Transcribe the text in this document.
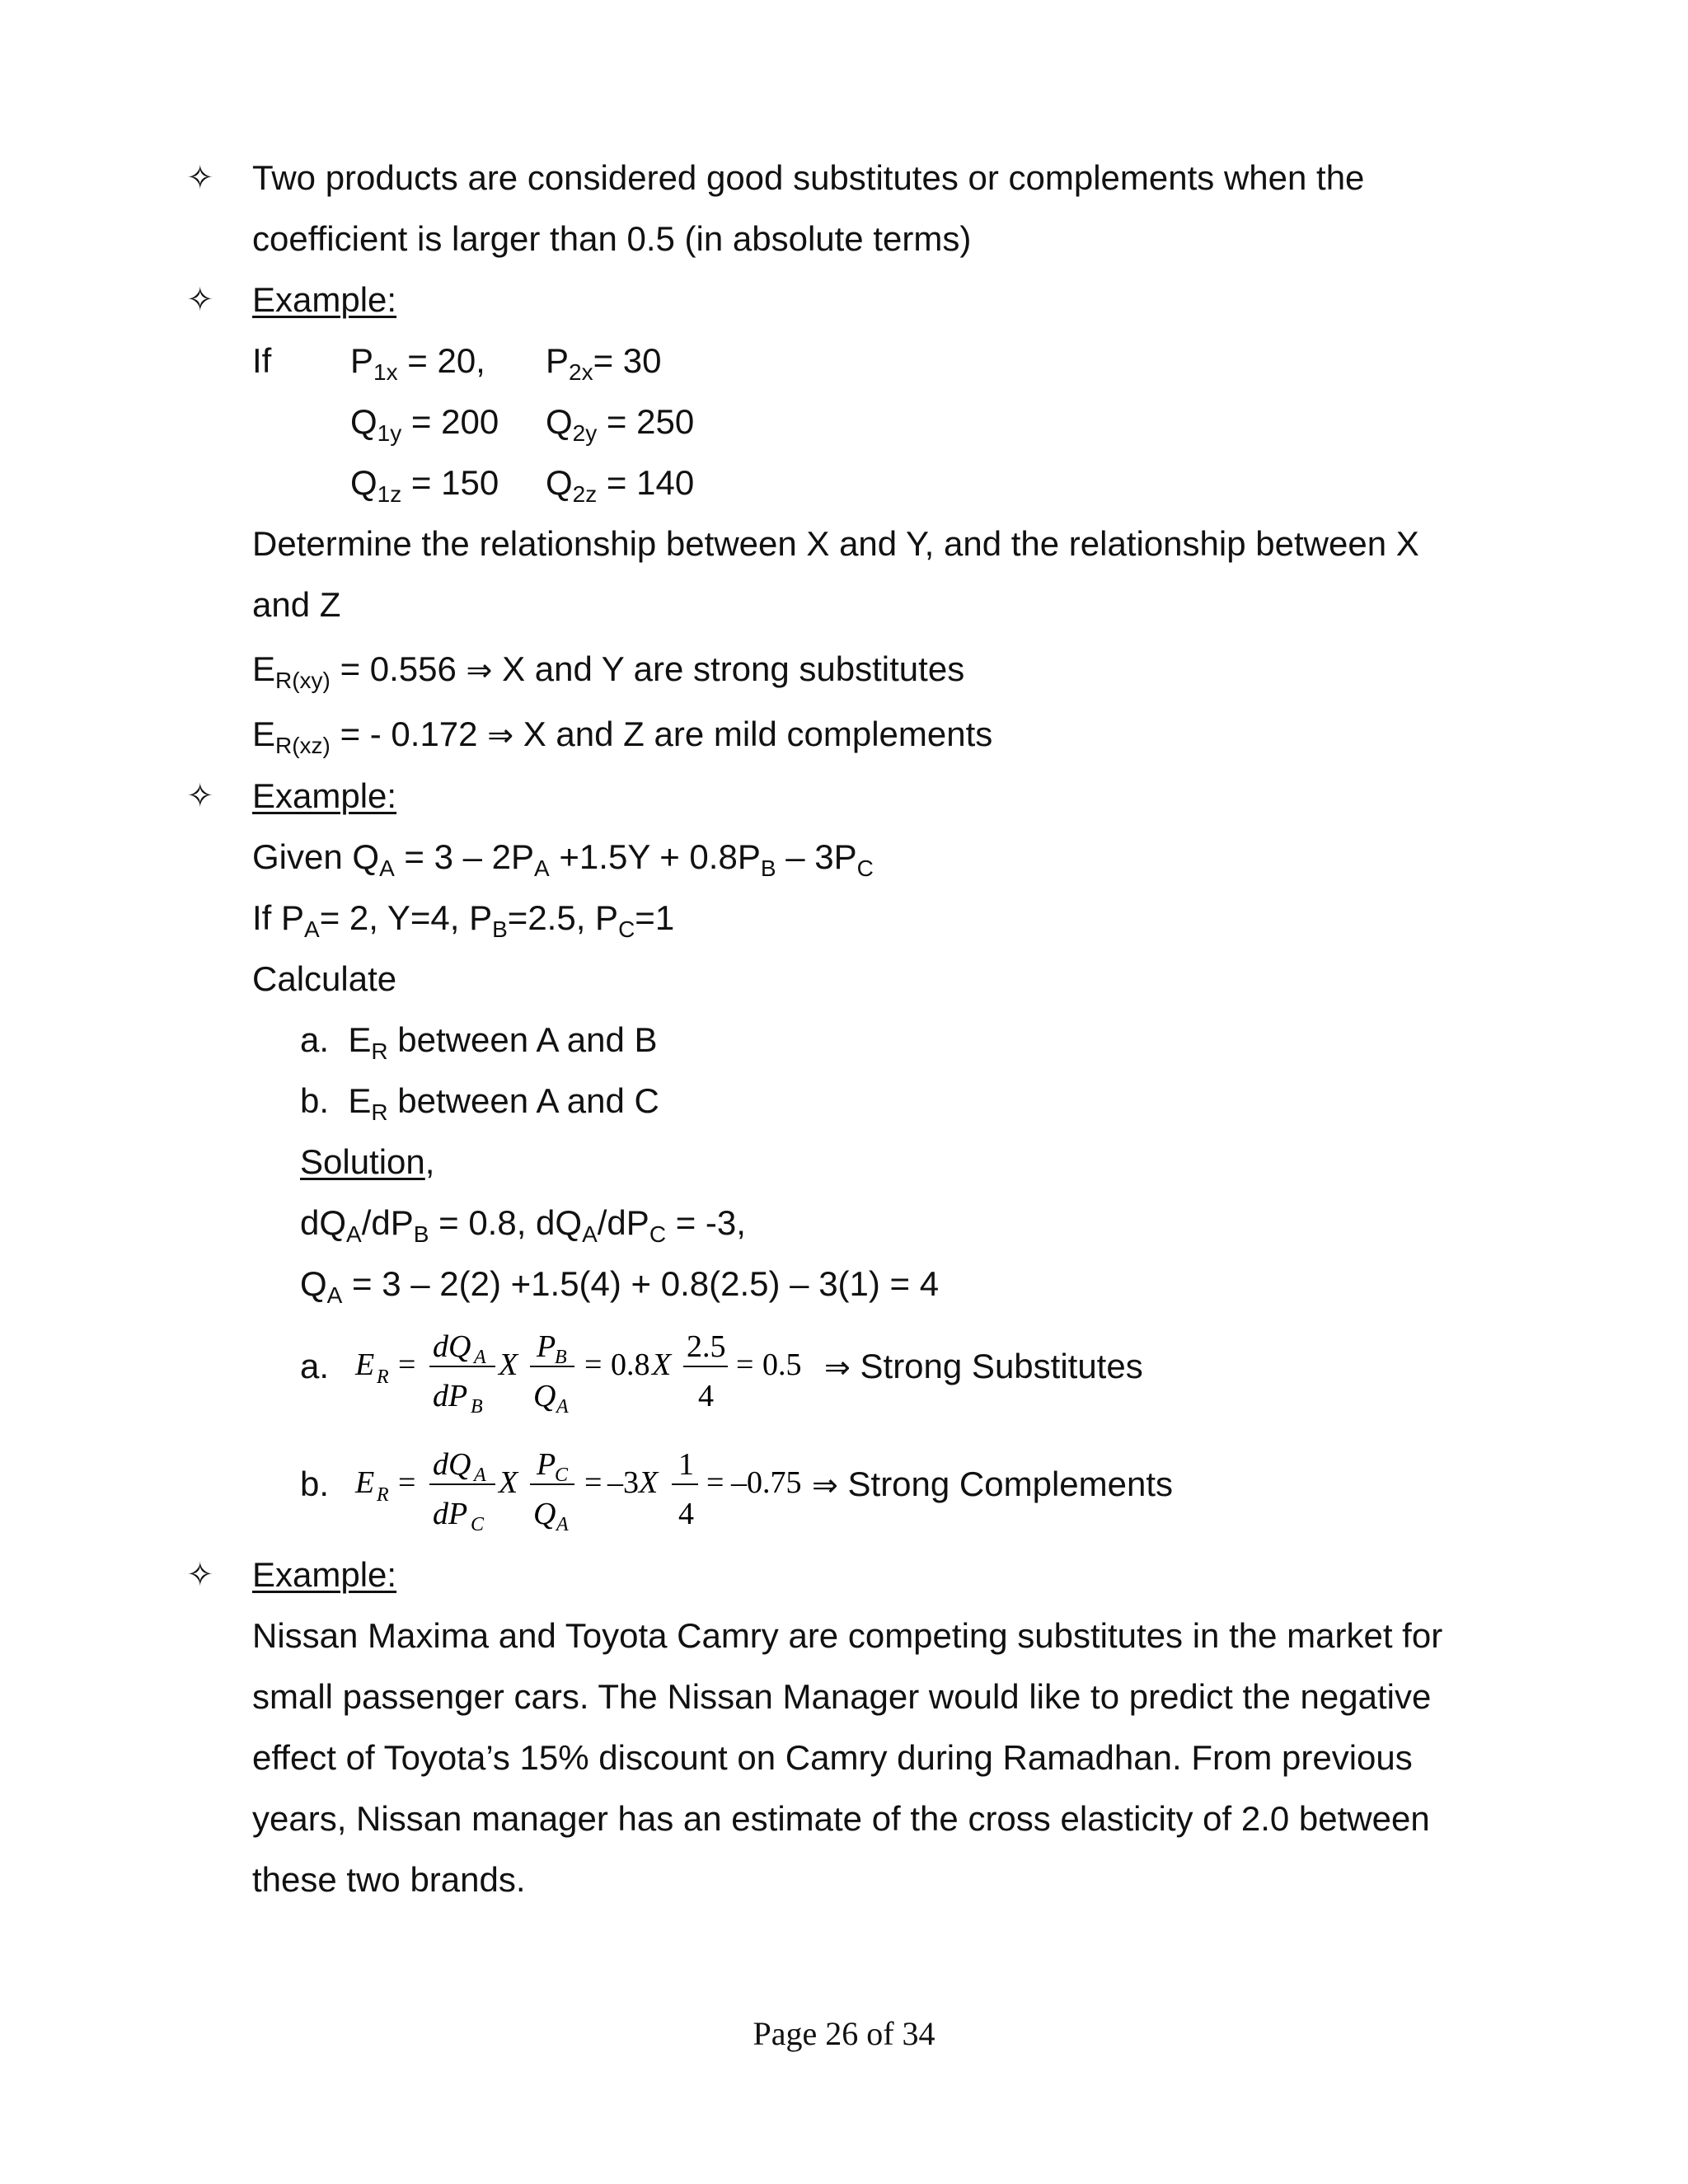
✧ Two products are considered good substitutes or complements when the
coefficient is larger than 0.5 (in absolute terms)
✧ Example:
If $P_{1x} = 20$, $P_{2x}= 30$
$Q_{1y} = 200$ $Q_{2y} = 250$
$Q_{1z} = 150$ $Q_{2z} = 140$
Determine the relationship between X and Y, and the relationship between X
and Z
$E_{R(xy)} = 0.556$ ⇒ X and Y are strong substitutes
$E_{R(xz)}$ = - 0.172 ⇒ X and Z are mild complements
✧ Example:
Given $Q_A = 3 - 2P_A +1.5Y + 0.8P_B - 3P_C$
If $P_A= 2$, Y=4, $P_B=2.5$, $P_C=1$
Calculate
a.  $E_R$ between A and B
b.  $E_R$ between A and C
Solution,
$dQ_A/dP_B = 0.8$, $dQ_A/dP_C = -3$,
$Q_A = 3 - 2(2) +1.5(4) + 0.8(2.5) - 3(1) = 4$
a. E R =
dQ A
dP B
X
P
B
Q A
= 0.8 X
2.5
4
= 0.5 ⇒ Strong Substitutes
b. E R =
dQ A
dP C
X
P
C
Q A
= –3 X
1
4
= –0.75 ⇒ Strong Complements
✧ Example:
Nissan Maxima and Toyota Camry are competing substitutes in the market for
small passenger cars. The Nissan Manager would like to predict the negative
effect of Toyota’s 15% discount on Camry during Ramadhan. From previous
years, Nissan manager has an estimate of the cross elasticity of 2.0 between
these two brands.
Page 26 of 34
